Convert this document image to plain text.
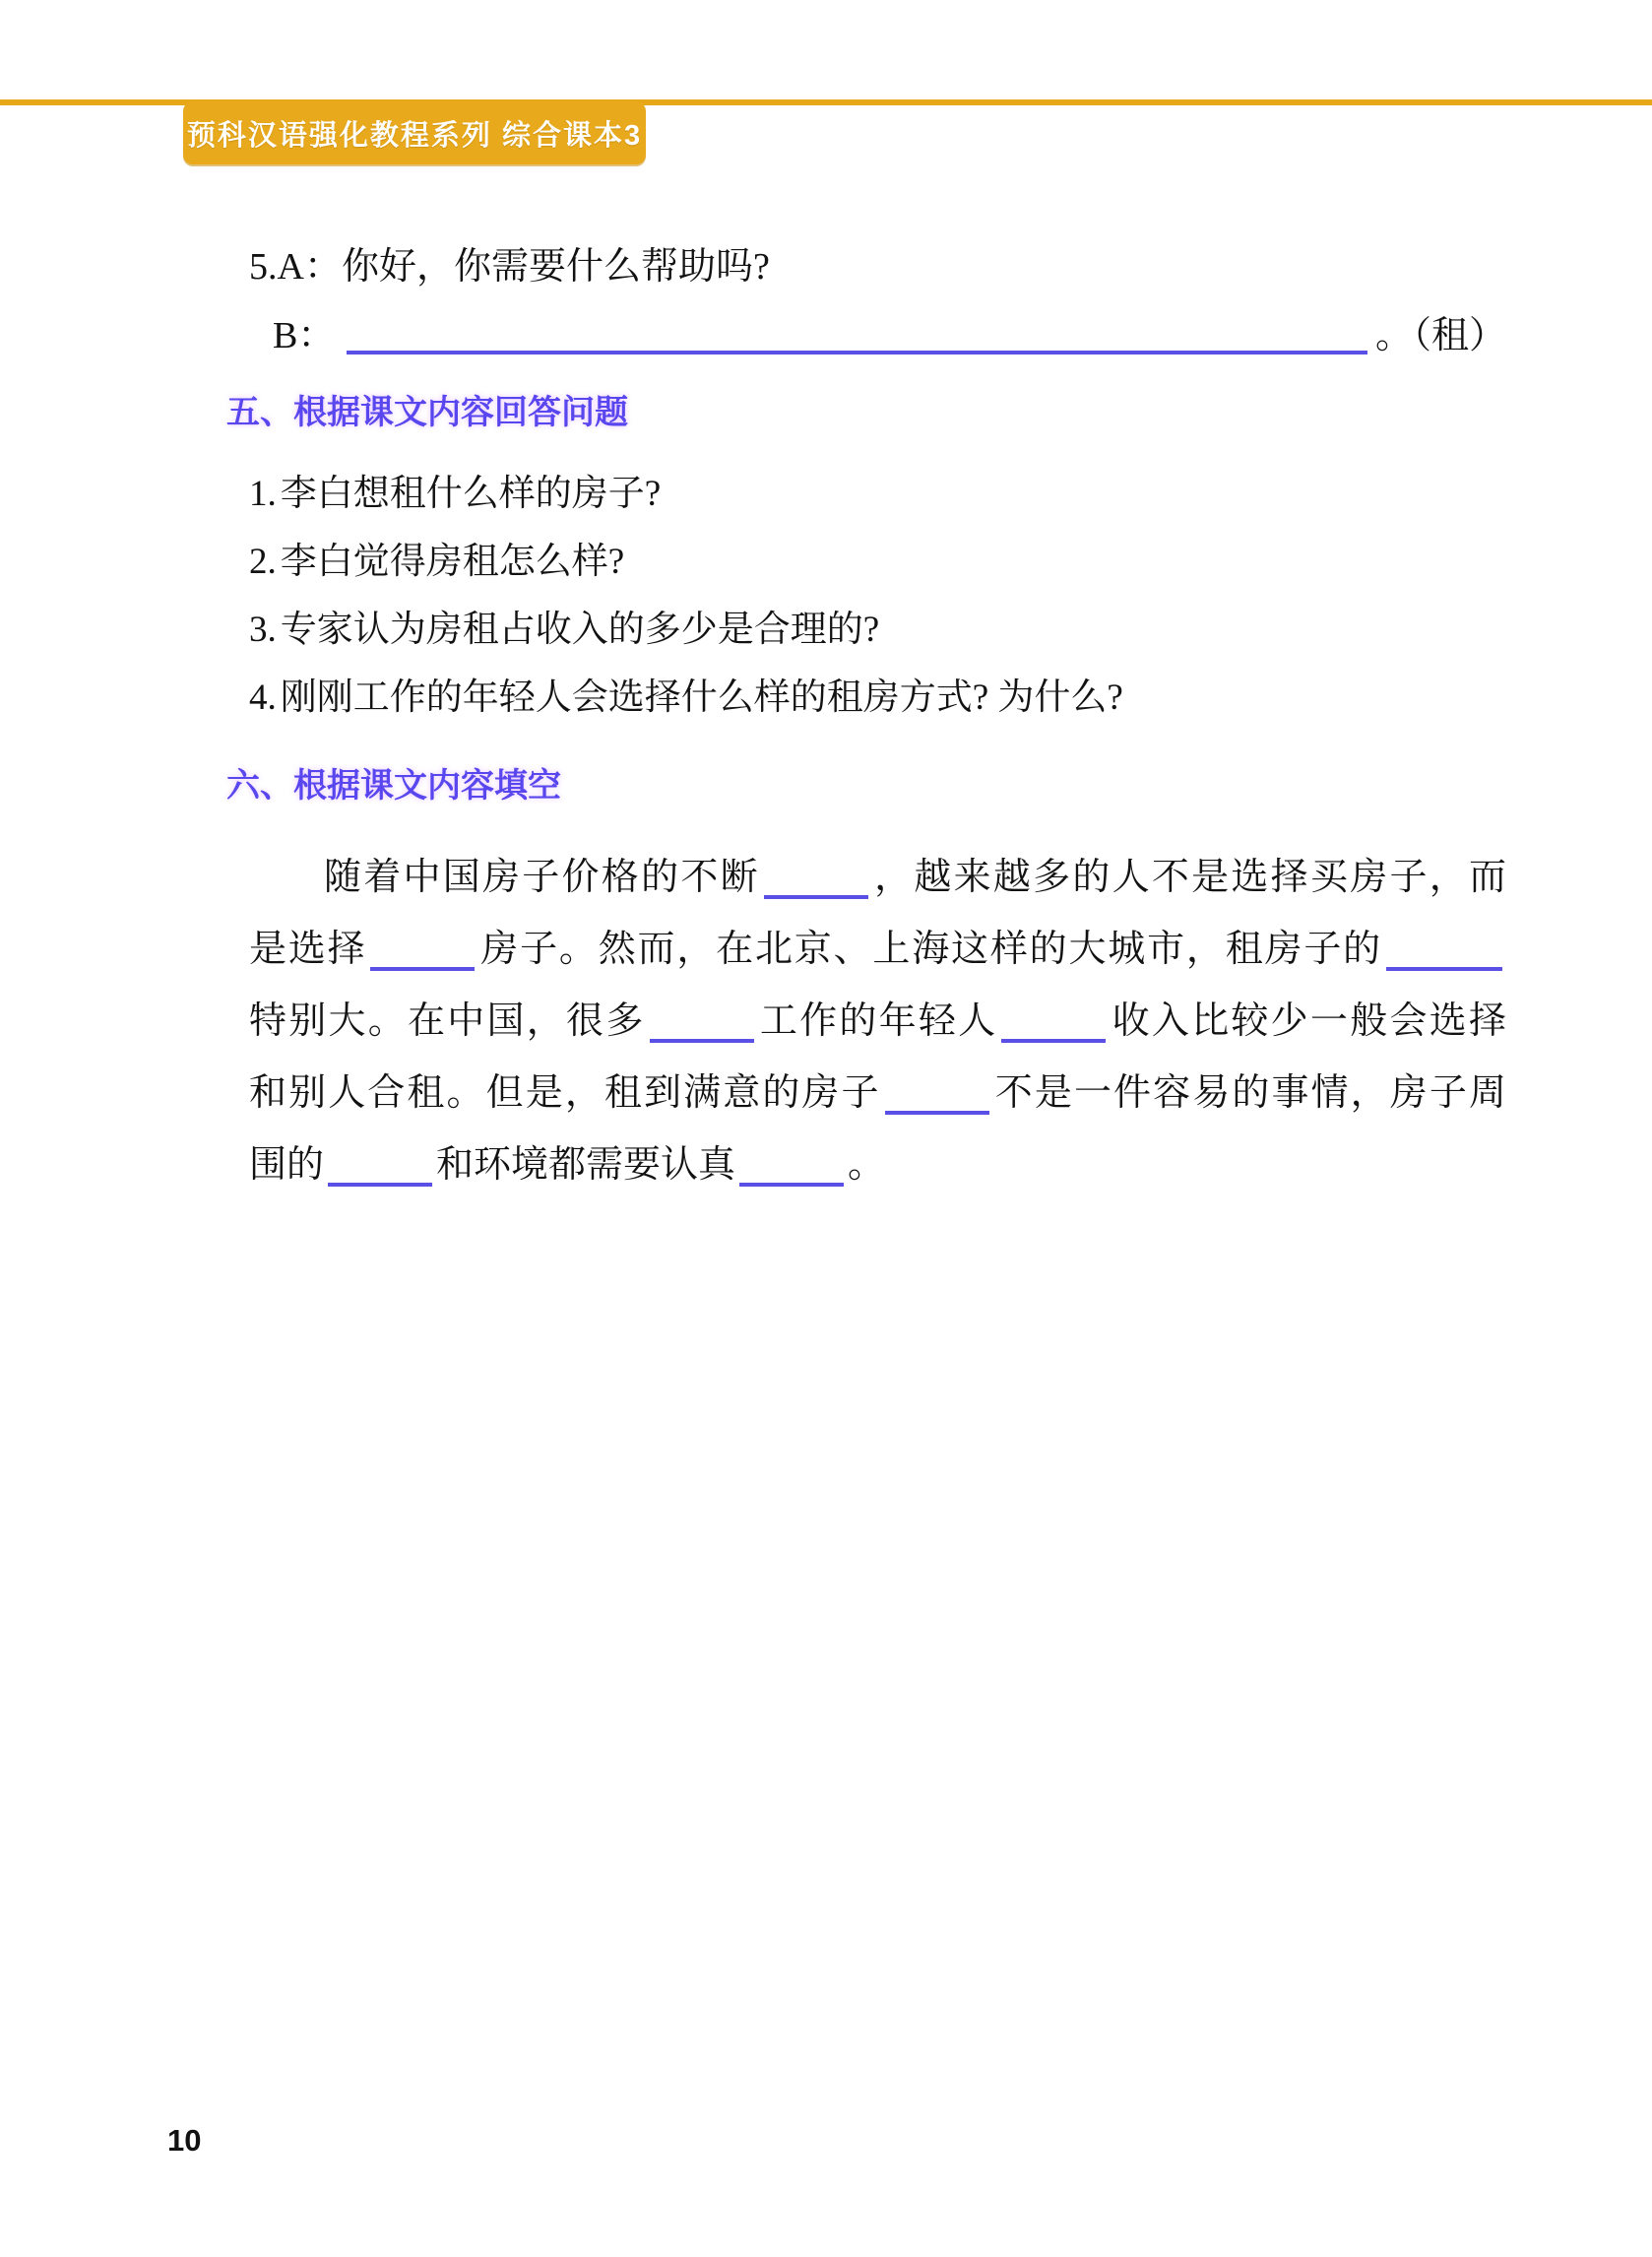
预科汉语强化教程系列 综合课本3
5.A：你好，你需要什么帮助吗?
B：	。（租）
五、根据课文内容回答问题
1. 李白想租什么样的房子?
2. 李白觉得房租怎么样?
3. 专家认为房租占收入的多少是合理的?
4. 刚刚工作的年轻人会选择什么样的租房方式? 为什么?
六、根据课文内容填空
随着中国房子价格的不断	，越来越多的人不是选择买房子，而
是选择	房子。然而，在北京、上海这样的大城市，租房子的
特别大。在中国，很多	工作的年轻人	收入比较少一般会选择
和别人合租。但是，租到满意的房子	不是一件容易的事情，房子周
围的	和环境都需要认真	。
10
